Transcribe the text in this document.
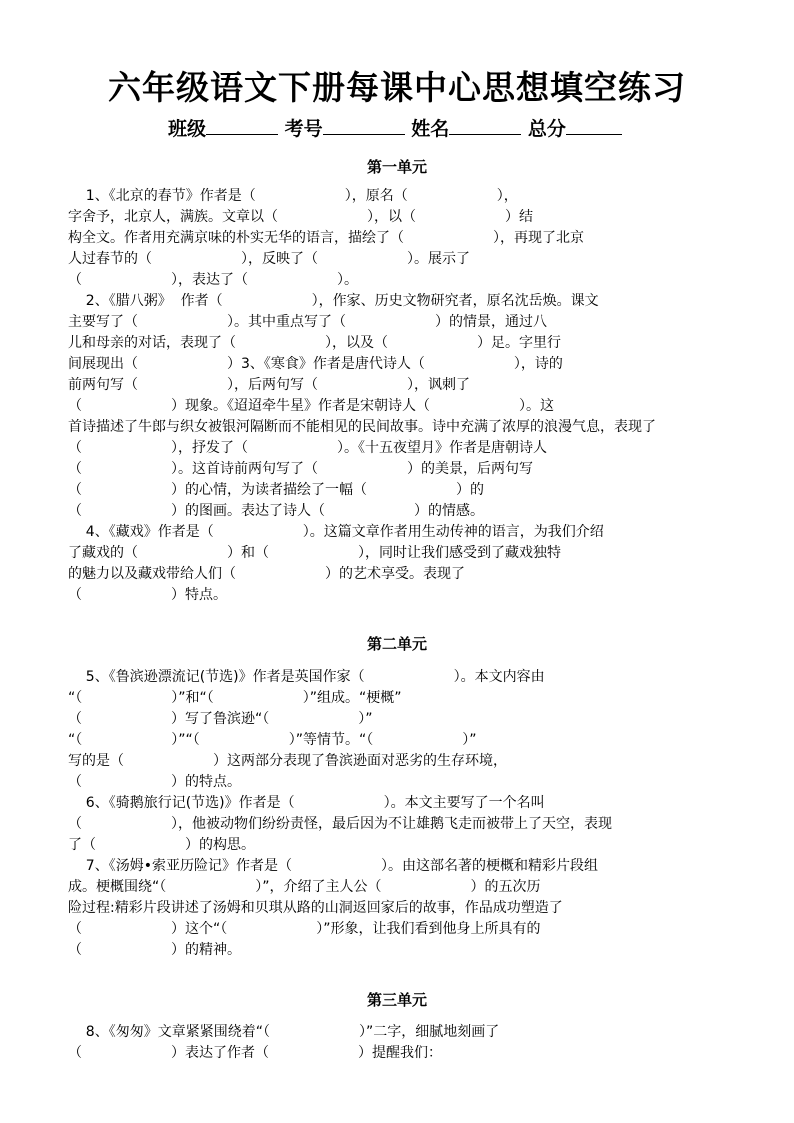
六年级语文下册每课中心思想填空练习
班级	考号	姓名	总分
第一单元
第二单元
第三单元
1、《北京的春节》作者是（                    ），原名（                    ），
字舍予，北京人，满族。文章以（                    ），以（                    ）结
构全文。作者用充满京味的朴实无华的语言，描绘了（                    ），再现了北京
人过春节的（                    ），反映了（                    ）。展示了
（                    ），表达了（                    ）。
2、《腊八粥》  作者（                    ），作家、历史文物研究者，原名沈岳焕。课文
主要写了（                    ）。其中重点写了（                    ）的情景，通过八
儿和母亲的对话，表现了（                    ），以及（                    ）足。字里行
间展现出（                    ）3、《寒食》作者是唐代诗人（                    ），诗的
前两句写（                    ），后两句写（                    ），讽刺了
（                    ）现象。《迢迢牵牛星》作者是宋朝诗人（                    ）。这
首诗描述了牛郎与织女被银河隔断而不能相见的民间故事。诗中充满了浓厚的浪漫气息，表现了
（                    ），抒发了（                    ）。《十五夜望月》作者是唐朝诗人
（                    ）。这首诗前两句写了（                    ）的美景，后两句写
（                    ）的心情，为读者描绘了一幅（                    ）的
（                    ）的图画。表达了诗人（                    ）的情感。
4、《藏戏》作者是（                    ）。这篇文章作者用生动传神的语言，为我们介绍
了藏戏的（                    ）和（                    ），同时让我们感受到了藏戏独特
的魅力以及藏戏带给人们（                    ）的艺术享受。表现了
（                    ）特点。
5、《鲁滨逊漂流记(节选)》作者是英国作家（                    ）。本文内容由
“（                    ）”和“（                    ）”组成。“梗概”
（                    ）写了鲁滨逊“（                    ）”
“（                    ）”“（                    ）”等情节。“（                    ）”
写的是（                    ）这两部分表现了鲁滨逊面对恶劣的生存环境，
（                    ）的特点。
6、《骑鹅旅行记(节选)》作者是（                    ）。本文主要写了一个名叫
（                    ），他被动物们纷纷责怪，最后因为不让雄鹅飞走而被带上了天空，表现
了（                    ）的构思。
7、《汤姆•索亚历险记》作者是（                    ）。由这部名著的梗概和精彩片段组
成。梗概围绕“（                    ）”，介绍了主人公（                    ）的五次历
险过程:精彩片段讲述了汤姆和贝琪从路的山洞返回家后的故事，作品成功塑造了
（                    ）这个“（                    ）”形象，让我们看到他身上所具有的
（                    ）的精神。
8、《匆匆》文章紧紧围绕着“（                    ）”二字，细腻地刻画了
（                    ）表达了作者（                    ）提醒我们：
